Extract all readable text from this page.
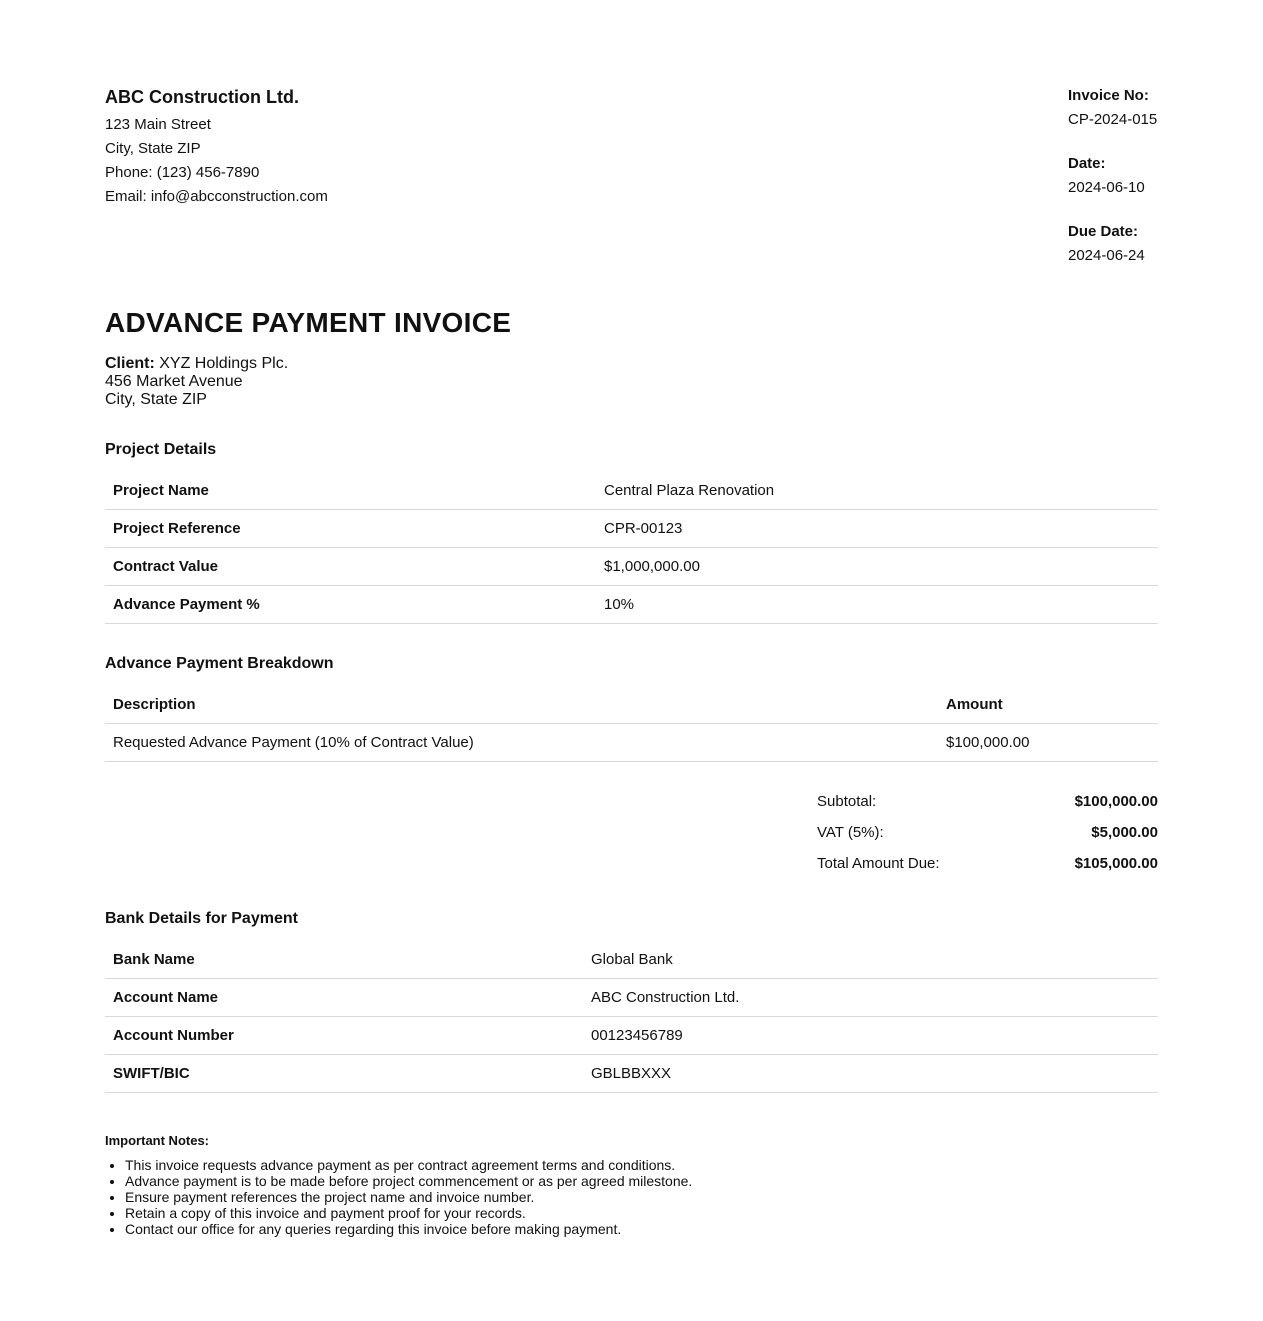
ABC Construction Ltd.
123 Main Street
City, State ZIP
Phone: (123) 456-7890
Email: info@abcconstruction.com
Invoice No:
CP-2024-015
Date:
2024-06-10
Due Date:
2024-06-24
ADVANCE PAYMENT INVOICE
Client: XYZ Holdings Plc.
456 Market Avenue
City, State ZIP
Project Details
Project Name	Central Plaza Renovation
Project Reference	CPR-00123
Contract Value	$1,000,000.00
Advance Payment %	10%
Advance Payment Breakdown
Description	Amount
Requested Advance Payment (10% of Contract Value)	$100,000.00
Subtotal:	$100,000.00
VAT (5%):	$5,000.00
Total Amount Due:	$105,000.00
Bank Details for Payment
Bank Name	Global Bank
Account Name	ABC Construction Ltd.
Account Number	00123456789
SWIFT/BIC	GBLBBXXX
Important Notes:
• This invoice requests advance payment as per contract agreement terms and conditions.
• Advance payment is to be made before project commencement or as per agreed milestone.
• Ensure payment references the project name and invoice number.
• Retain a copy of this invoice and payment proof for your records.
• Contact our office for any queries regarding this invoice before making payment.
